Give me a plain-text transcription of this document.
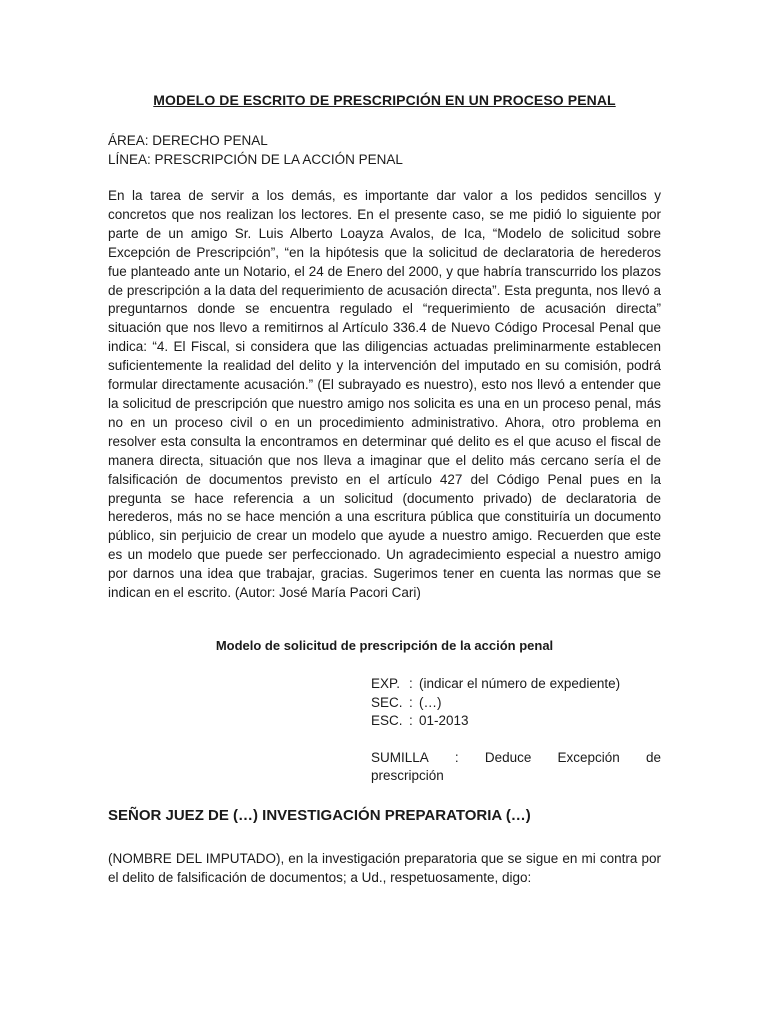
MODELO DE ESCRITO DE PRESCRIPCIÓN EN UN PROCESO PENAL
ÁREA: DERECHO PENAL
LÍNEA: PRESCRIPCIÓN DE LA ACCIÓN PENAL

En la tarea de servir a los demás, es importante dar valor a los pedidos sencillos y concretos que nos realizan los lectores. En el presente caso, se me pidió lo siguiente por parte de un amigo Sr. Luis Alberto Loayza Avalos, de Ica, “Modelo de solicitud sobre Excepción de Prescripción”, “en la hipótesis que la solicitud de declaratoria de herederos fue planteado ante un Notario, el 24 de Enero del 2000, y que habría transcurrido los plazos de prescripción a la data del requerimiento de acusación directa”. Esta pregunta, nos llevó a preguntarnos donde se encuentra regulado el “requerimiento de acusación directa” situación que nos llevo a remitirnos al Artículo 336.4 de Nuevo Código Procesal Penal que indica: “4. El Fiscal, si considera que las diligencias actuadas preliminarmente establecen suficientemente la realidad del delito y la intervención del imputado en su comisión, podrá formular directamente acusación.” (El subrayado es nuestro), esto nos llevó a entender que la solicitud de prescripción que nuestro amigo nos solicita es una en un proceso penal, más no en un proceso civil o en un procedimiento administrativo. Ahora, otro problema en resolver esta consulta la encontramos en determinar qué delito es el que acuso el fiscal de manera directa, situación que nos lleva a imaginar que el delito más cercano sería el de falsificación de documentos previsto en el artículo 427 del Código Penal pues en la pregunta se hace referencia a un solicitud (documento privado) de declaratoria de herederos, más no se hace mención a una escritura pública que constituiría un documento público, sin perjuicio de crear un modelo que ayude a nuestro amigo. Recuerden que este es un modelo que puede ser perfeccionado. Un agradecimiento especial a nuestro amigo por darnos una idea que trabajar, gracias. Sugerimos tener en cuenta las normas que se indican en el escrito. (Autor: José María Pacori Cari)

Modelo de solicitud de prescripción de la acción penal
EXP. : (indicar el número de expediente)
SEC. : (…)
ESC. : 01-2013
SUMILLA : Deduce Excepción de
prescripción
SEÑOR JUEZ DE (…) INVESTIGACIÓN PREPARATORIA (…)

(NOMBRE DEL IMPUTADO), en la investigación preparatoria que se sigue en mi contra por el delito de falsificación de documentos; a Ud., respetuosamente, digo:
